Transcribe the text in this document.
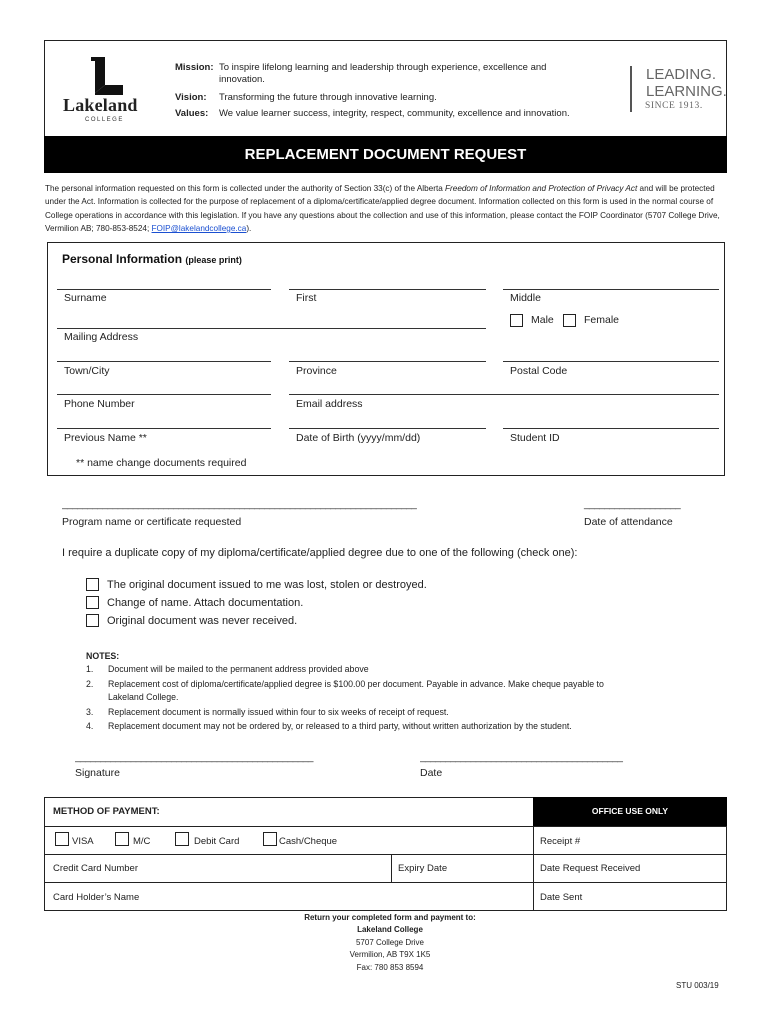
Lakeland
COLLEGE
Mission: To inspire lifelong learning and leadership through experience, excellence and
innovation.
Vision: Transforming the future through innovative learning.
Values: We value learner success, integrity, respect, community, excellence and innovation.
LEADING.
LEARNING.
SINCE 1913.
REPLACEMENT DOCUMENT REQUEST
The personal information requested on this form is collected under the authority of Section 33(c) of the Alberta Freedom of Information and Protection of Privacy Act and will be protected under the Act. Information is collected for the purpose of replacement of a diploma/certificate/applied degree document. Information collected on this form is used in the normal course of College operations in accordance with this legislation. If you have any questions about the collection and use of this information, please contact the FOIP Coordinator (5707 College Drive, Vermilion AB; 780-853-8524; FOIP@lakelandcollege.ca).
Personal Information (please print)
Surname	First	Middle
Male	Female
Mailing Address
Town/City	Province	Postal Code
Phone Number	Email address
Previous Name **	Date of Birth (yyyy/mm/dd)	Student ID
** name change documents required
______________________________________________________________________	___________________
Program name or certificate requested	Date of attendance
I require a duplicate copy of my diploma/certificate/applied degree due to one of the following (check one):
The original document issued to me was lost, stolen or destroyed.
Change of name. Attach documentation.
Original document was never received.
NOTES:
1. Document will be mailed to the permanent address provided above
2. Replacement cost of diploma/certificate/applied degree is $100.00 per document. Payable in advance. Make cheque payable to
Lakeland College.
3. Replacement document is normally issued within four to six weeks of receipt of request.
4. Replacement document may not be ordered by, or released to a third party, without written authorization by the student.
_______________________________________________	________________________________________
Signature	Date
OFFICE USE ONLY
METHOD OF PAYMENT:
VISA	M/C	Debit Card	Cash/Cheque	Receipt #
Credit Card Number	Expiry Date	Date Request Received
Card Holder’s Name	Date Sent
Return your completed form and payment to:
Lakeland College
5707 College Drive
Vermilion, AB T9X 1K5
Fax: 780 853 8594
STU 003/19
